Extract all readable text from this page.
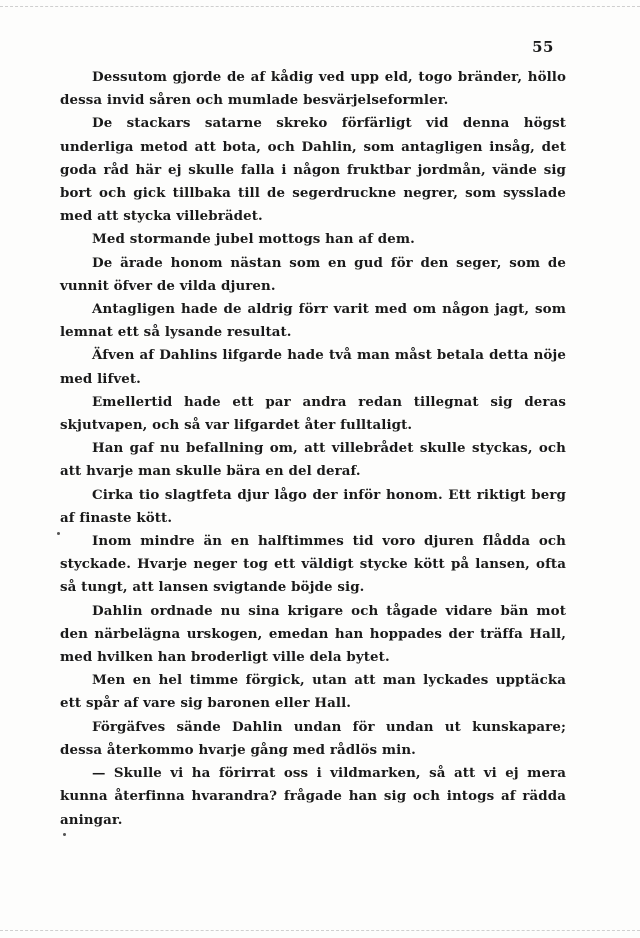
55

Dessutom gjorde de af kådig ved upp eld, togo bränder, höllo dessa invid såren och mumlade besvärjelseformler.

De stackars satarne skreko förfärligt vid denna högst underliga metod att bota, och Dahlin, som antagligen insåg, det goda råd här ej skulle falla i någon fruktbar jordmån, vände sig bort och gick tillbaka till de segerdruckne negrer, som sysslade med att stycka villebrädet.

Med stormande jubel mottogs han af dem.

De ärade honom nästan som en gud för den seger, som de vunnit öfver de vilda djuren.

Antagligen hade de aldrig förr varit med om någon jagt, som lemnat ett så lysande resultat.

Äfven af Dahlins lifgarde hade två man måst betala detta nöje med lifvet.

Emellertid hade ett par andra redan tillegnat sig deras skjutvapen, och så var lifgardet åter fulltaligt.

Han gaf nu befallning om, att villebrådet skulle styckas, och att hvarje man skulle bära en del deraf.

Cirka tio slagtfeta djur lågo der inför honom. Ett riktigt berg af finaste kött.

Inom mindre än en halftimmes tid voro djuren flådda och styckade. Hvarje neger tog ett väldigt stycke kött på lansen, ofta så tungt, att lansen svigtande böjde sig.

Dahlin ordnade nu sina krigare och tågade vidare bän mot den närbelägna urskogen, emedan han hoppades der träffa Hall, med hvilken han broderligt ville dela bytet.

Men en hel timme förgick, utan att man lyckades upptäcka ett spår af vare sig baronen eller Hall.

Förgäfves sände Dahlin undan för undan ut kunskapare; dessa återkommo hvarje gång med rådlös min.

— Skulle vi ha förirrat oss i vildmarken, så att vi ej mera kunna återfinna hvarandra? frågade han sig och intogs af rädda aningar.
